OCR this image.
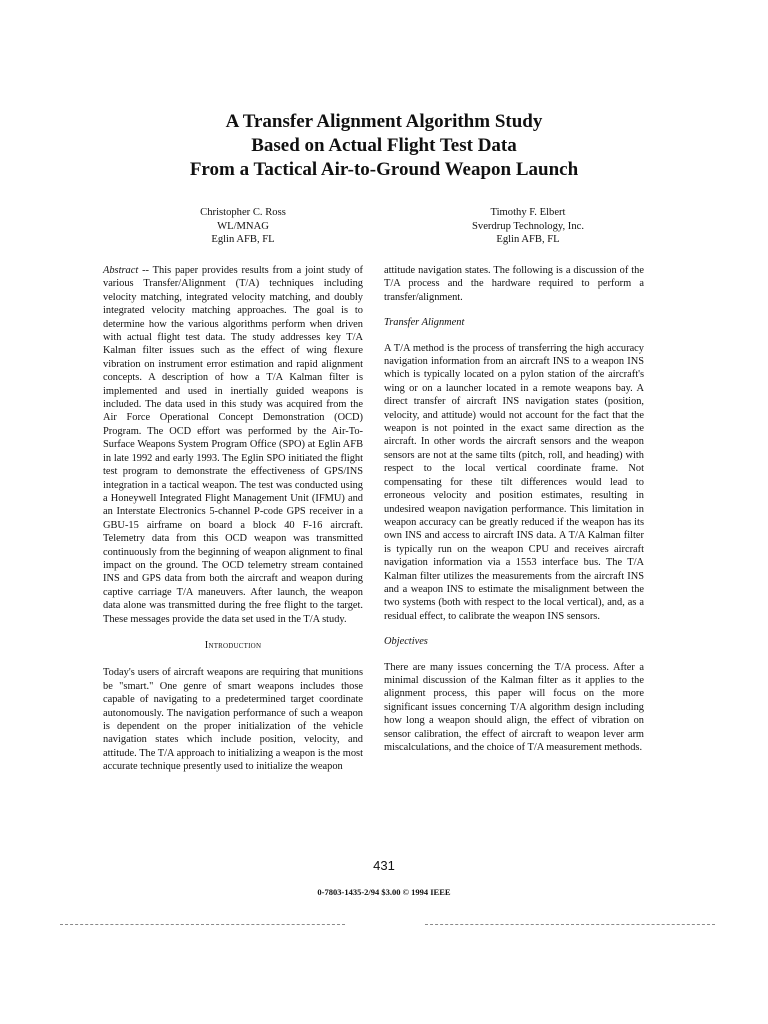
A Transfer Alignment Algorithm Study
Based on Actual Flight Test Data
From a Tactical Air-to-Ground Weapon Launch
Christopher C. Ross
WL/MNAG
Eglin AFB, FL
Timothy F. Elbert
Sverdrup Technology, Inc.
Eglin AFB, FL

Abstract -- This paper provides results from a joint study of various Transfer/Alignment (T/A) techniques including velocity matching, integrated velocity matching, and doubly integrated velocity matching approaches. The goal is to determine how the various algorithms perform when driven with actual flight test data. The study addresses key T/A Kalman filter issues such as the effect of wing flexure vibration on instrument error estimation and rapid alignment concepts. A description of how a T/A Kalman filter is implemented and used in inertially guided weapons is included. The data used in this study was acquired from the Air Force Operational Concept Demonstration (OCD) Program. The OCD effort was performed by the Air-To-Surface Weapons System Program Office (SPO) at Eglin AFB in late 1992 and early 1993. The Eglin SPO initiated the flight test program to demonstrate the effectiveness of GPS/INS integration in a tactical weapon. The test was conducted using a Honeywell Integrated Flight Management Unit (IFMU) and an Interstate Electronics 5-channel P-code GPS receiver in a GBU-15 airframe on board a block 40 F-16 aircraft. Telemetry data from this OCD weapon was transmitted continuously from the beginning of weapon alignment to final impact on the ground. The OCD telemetry stream contained INS and GPS data from both the aircraft and weapon during captive carriage T/A maneuvers. After launch, the weapon data alone was transmitted during the free flight to the target. These messages provide the data set used in the T/A study.

Introduction

Today's users of aircraft weapons are requiring that munitions be "smart." One genre of smart weapons includes those capable of navigating to a predetermined target coordinate autonomously. The navigation performance of such a weapon is dependent on the proper initialization of the vehicle navigation states which include position, velocity, and attitude. The T/A approach to initializing a weapon is the most accurate technique presently used to initialize the weapon

attitude navigation states. The following is a discussion of the T/A process and the hardware required to perform a transfer/alignment.

Transfer Alignment

A T/A method is the process of transferring the high accuracy navigation information from an aircraft INS to a weapon INS which is typically located on a pylon station of the aircraft's wing or on a launcher located in a remote weapons bay. A direct transfer of aircraft INS navigation states (position, velocity, and attitude) would not account for the fact that the weapon is not pointed in the exact same direction as the aircraft. In other words the aircraft sensors and the weapon sensors are not at the same tilts (pitch, roll, and heading) with respect to the local vertical coordinate frame. Not compensating for these tilt differences would lead to erroneous velocity and position estimates, resulting in undesired weapon navigation performance. This limitation in weapon accuracy can be greatly reduced if the weapon has its own INS and access to aircraft INS data. A T/A Kalman filter is typically run on the weapon CPU and receives aircraft navigation information via a 1553 interface bus. The T/A Kalman filter utilizes the measurements from the aircraft INS and a weapon INS to estimate the misalignment between the two systems (both with respect to the local vertical), and, as a residual effect, to calibrate the weapon INS sensors.

Objectives

There are many issues concerning the T/A process. After a minimal discussion of the Kalman filter as it applies to the alignment process, this paper will focus on the more significant issues concerning T/A algorithm design including how long a weapon should align, the effect of vibration on sensor calibration, the effect of aircraft to weapon lever arm miscalculations, and the choice of T/A measurement methods.

431
0-7803-1435-2/94 $3.00 © 1994 IEEE
